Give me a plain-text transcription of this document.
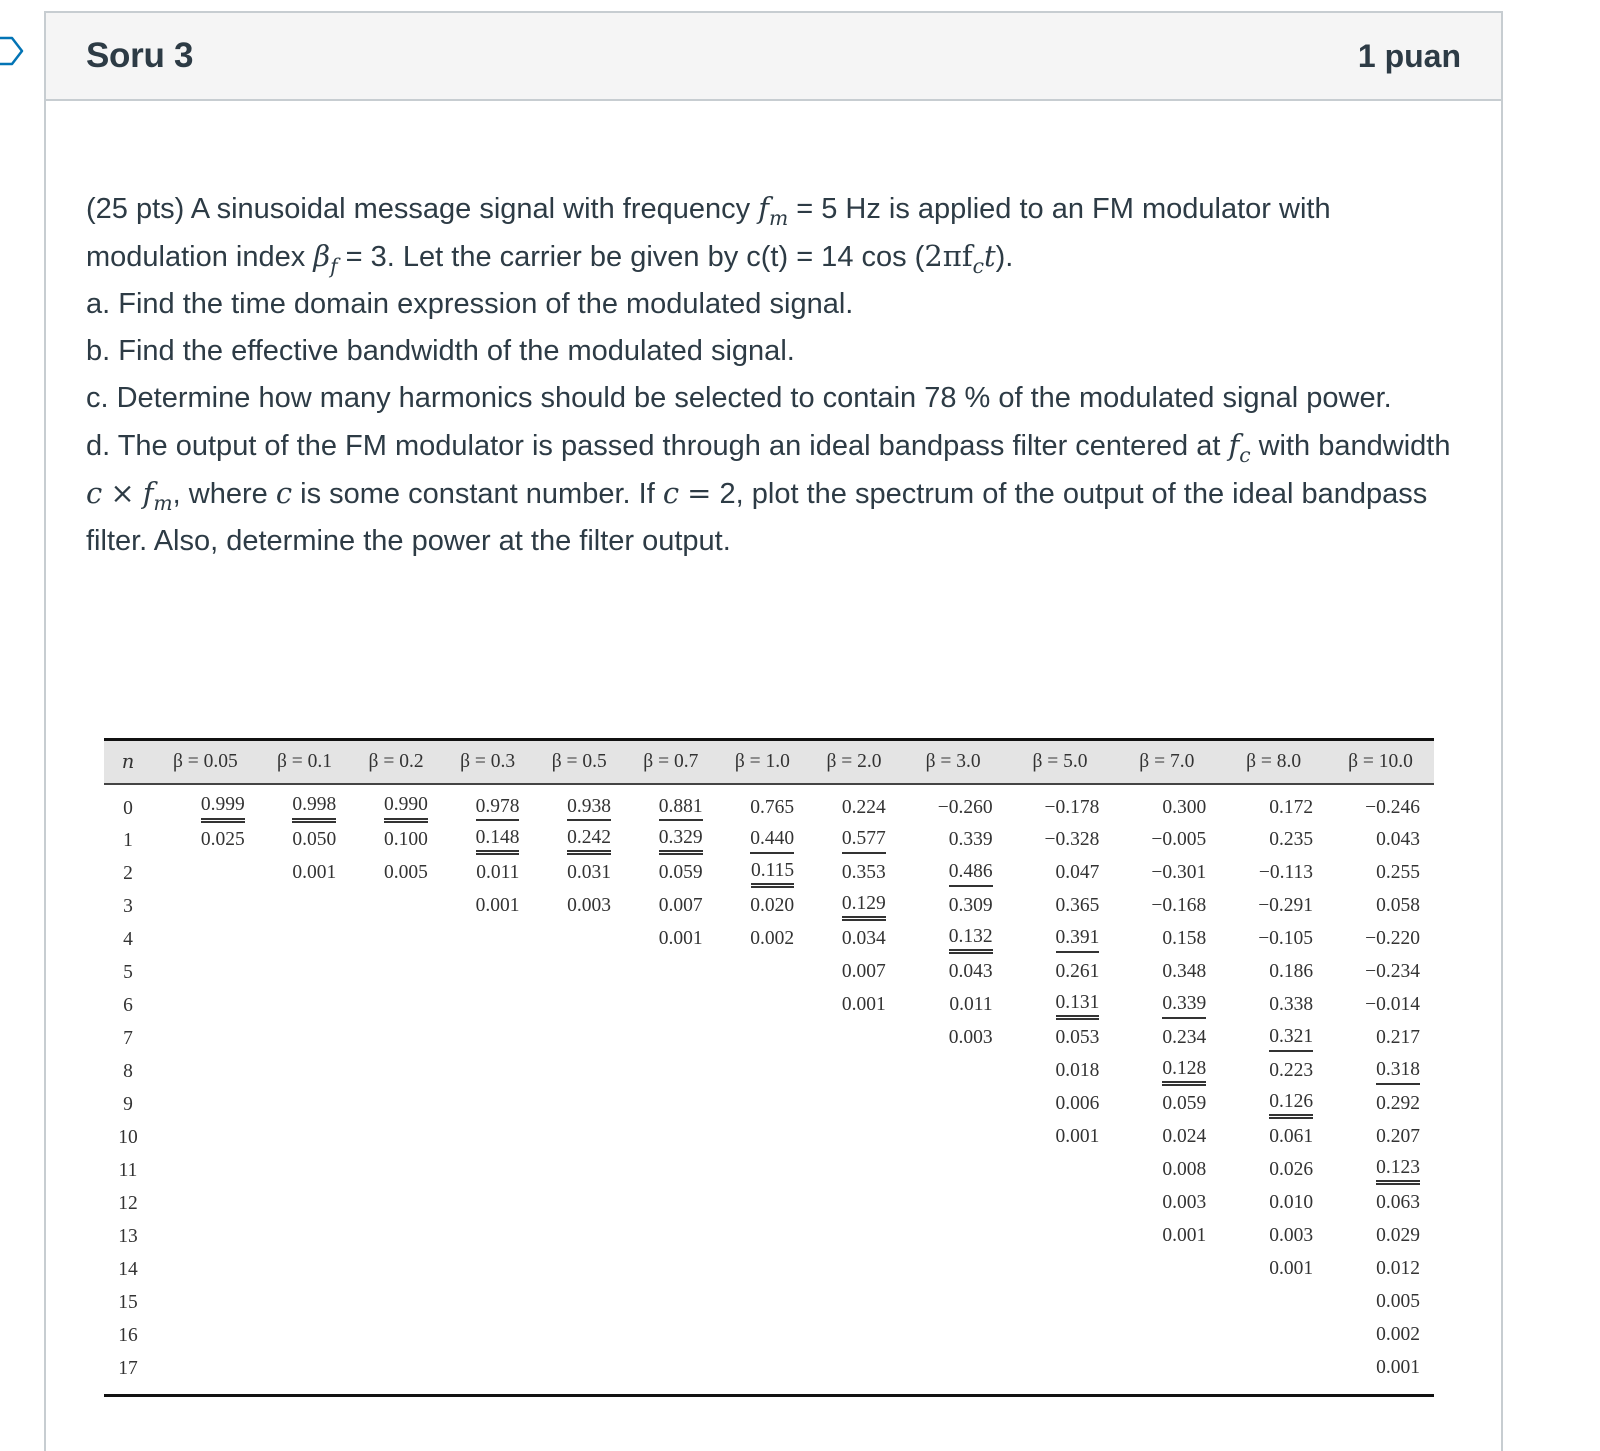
Soru 3	1 puan

(25 pts) A sinusoidal message signal with frequency $f_m = 5$ Hz is applied to an FM modulator with modulation index $\beta_f = 3$. Let the carrier be given by c(t) = 14 $\cos (2\pi f_ct)$.

a. Find the time domain expression of the modulated signal.

b. Find the effective bandwidth of the modulated signal.

c. Determine how many harmonics should be selected to contain 78 % of the modulated signal power.

d. The output of the FM modulator is passed through an ideal bandpass filter centered at $f_c$ with bandwidth $c \times f_m$, where c is some constant number. If c = 2, plot the spectrum of the output of the ideal bandpass filter. Also, determine the power at the filter output.

n	β = 0.05	β = 0.1	β = 0.2	β = 0.3	β = 0.5	β = 0.7	β = 1.0	β = 2.0	β = 3.0	β = 5.0	β = 7.0	β = 8.0	β = 10.0
0	0.999	0.998	0.990	0.978	0.938	0.881	0.765	0.224	−0.260	−0.178	0.300	0.172	−0.246
1	0.025	0.050	0.100	0.148	0.242	0.329	0.440	0.577	0.339	−0.328	−0.005	0.235	0.043
2		0.001	0.005	0.011	0.031	0.059	0.115	0.353	0.486	0.047	−0.301	−0.113	0.255
3				0.001	0.003	0.007	0.020	0.129	0.309	0.365	−0.168	−0.291	0.058
4						0.001	0.002	0.034	0.132	0.391	0.158	−0.105	−0.220
5								0.007	0.043	0.261	0.348	0.186	−0.234
6								0.001	0.011	0.131	0.339	0.338	−0.014
7									0.003	0.053	0.234	0.321	0.217
8										0.018	0.128	0.223	0.318
9										0.006	0.059	0.126	0.292
10										0.001	0.024	0.061	0.207
11											0.008	0.026	0.123
12											0.003	0.010	0.063
13											0.001	0.003	0.029
14												0.001	0.012
15													0.005
16													0.002
17													0.001
